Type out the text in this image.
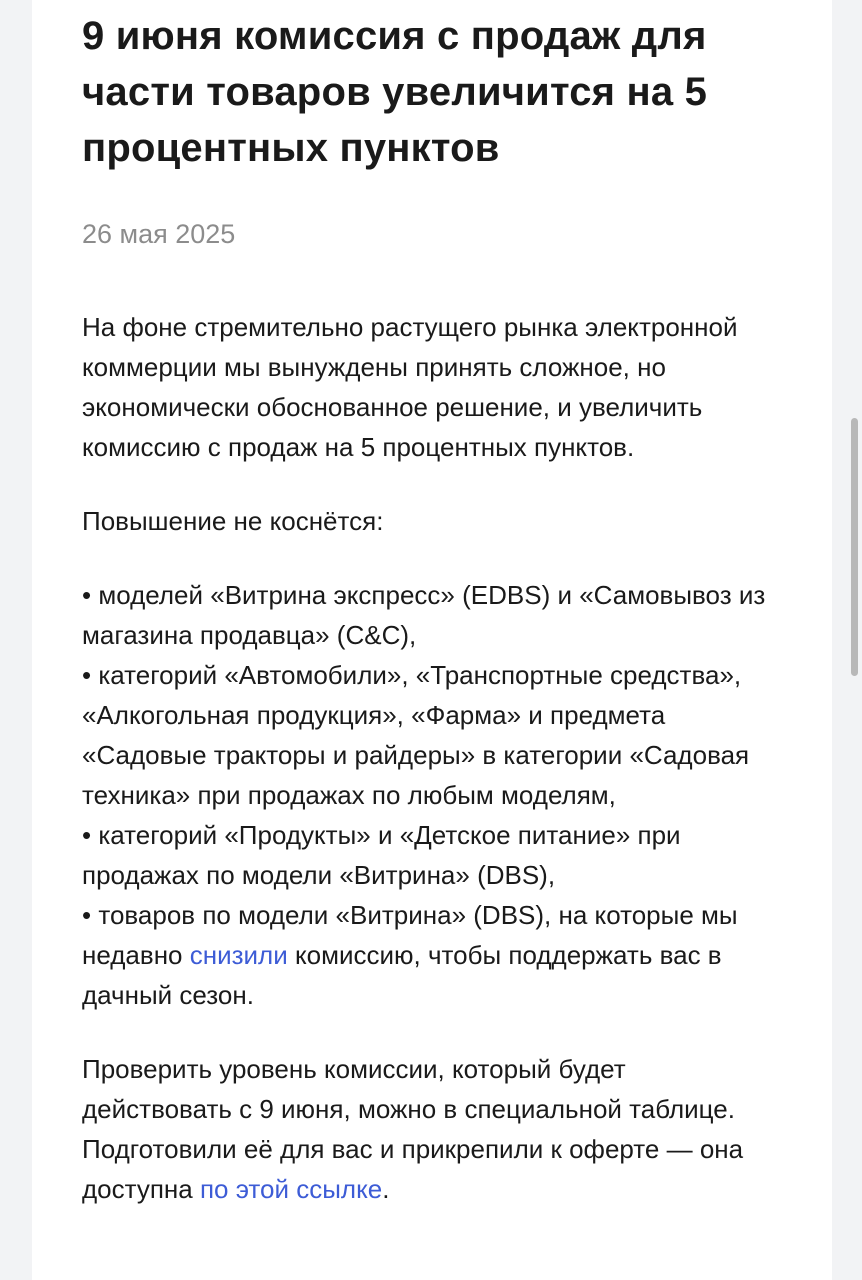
9 июня комиссия с продаж для части товаров увеличится на 5 процентных пунктов
26 мая 2025

На фоне стремительно растущего рынка электронной коммерции мы вынуждены принять сложное, но экономически обоснованное решение, и увеличить комиссию с продаж на 5 процентных пунктов.

Повышение не коснётся:

• моделей «Витрина экспресс» (EDBS) и «Самовывоз из магазина продавца» (C&C),
• категорий «Автомобили», «Транспортные средства», «Алкогольная продукция», «Фарма» и предмета «Садовые тракторы и райдеры» в категории «Садовая техника» при продажах по любым моделям,
• категорий «Продукты» и «Детское питание» при продажах по модели «Витрина» (DBS),
• товаров по модели «Витрина» (DBS), на которые мы недавно снизили комиссию, чтобы поддержать вас в дачный сезон.

Проверить уровень комиссии, который будет действовать с 9 июня, можно в специальной таблице. Подготовили её для вас и прикрепили к оферте — она доступна по этой ссылке.
